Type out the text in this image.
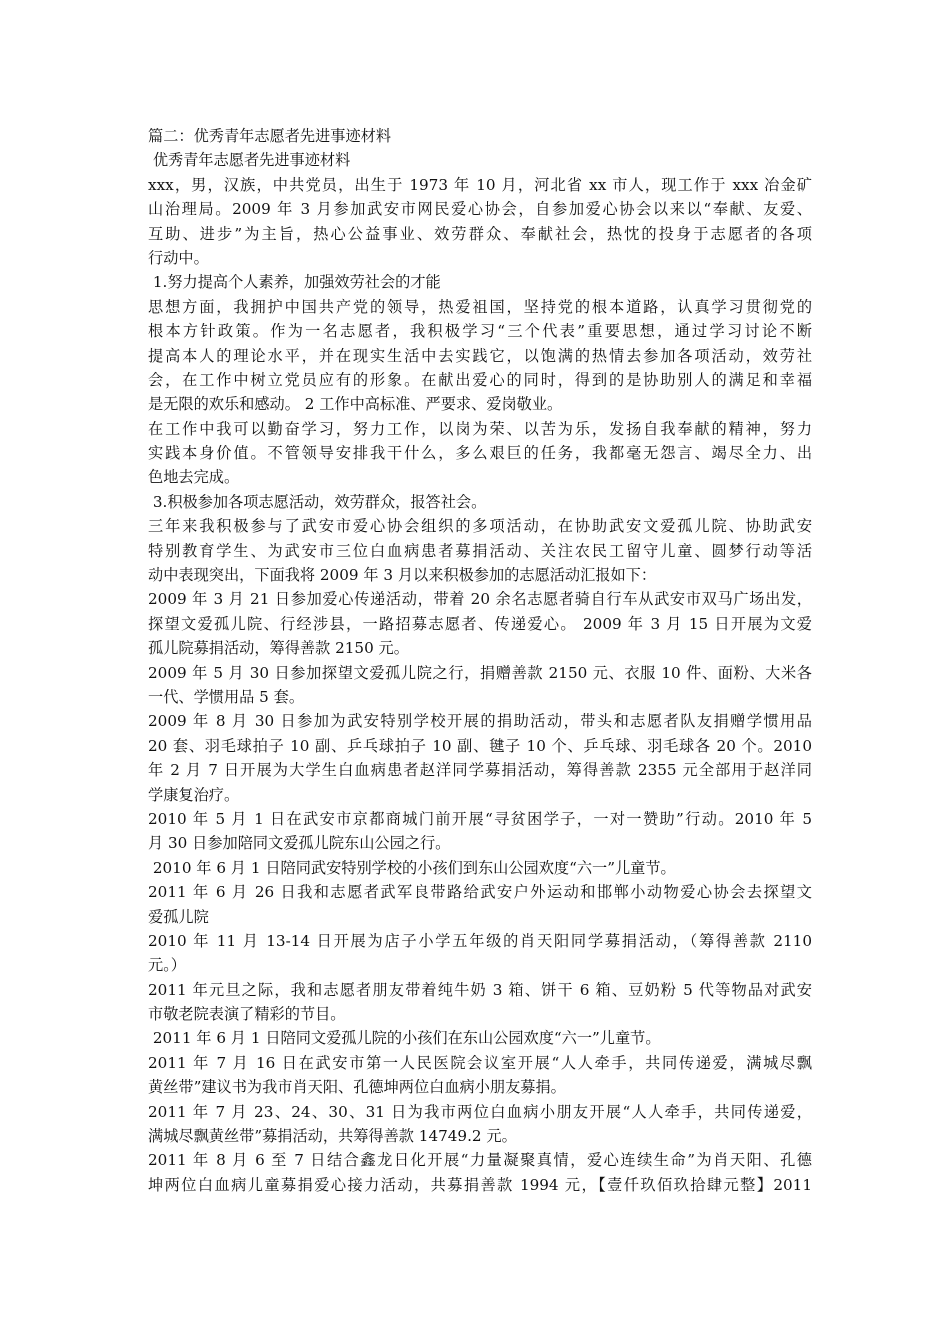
篇二：优秀青年志愿者先进事迹材料
优秀青年志愿者先进事迹材料
xxx，男，汉族，中共党员，出生于 1973 年 10 月，河北省 xx 市人，现工作于 xxx 冶金矿
山治理局。2009 年 3 月参加武安市网民爱心协会，自参加爱心协会以来以“奉献、友爱、
互助、进步”为主旨，热心公益事业、效劳群众、奉献社会，热忱的投身于志愿者的各项
行动中。
1.努力提高个人素养，加强效劳社会的才能
思想方面，我拥护中国共产党的领导，热爱祖国，坚持党的根本道路，认真学习贯彻党的
根本方针政策。作为一名志愿者，我积极学习“三个代表”重要思想，通过学习讨论不断
提高本人的理论水平，并在现实生活中去实践它，以饱满的热情去参加各项活动，效劳社
会，在工作中树立党员应有的形象。在献出爱心的同时，得到的是协助别人的满足和幸福
是无限的欢乐和感动。 2 工作中高标准、严要求、爱岗敬业。
在工作中我可以勤奋学习，努力工作，以岗为荣、以苦为乐，发扬自我奉献的精神，努力
实践本身价值。不管领导安排我干什么，多么艰巨的任务，我都毫无怨言、竭尽全力、出
色地去完成。
3.积极参加各项志愿活动，效劳群众，报答社会。
三年来我积极参与了武安市爱心协会组织的多项活动，在协助武安文爱孤儿院、协助武安
特别教育学生、为武安市三位白血病患者募捐活动、关注农民工留守儿童、圆梦行动等活
动中表现突出，下面我将 2009 年 3 月以来积极参加的志愿活动汇报如下：
2009 年 3 月 21 日参加爱心传递活动，带着 20 余名志愿者骑自行车从武安市双马广场出发，
探望文爱孤儿院、行经涉县，一路招募志愿者、传递爱心。 2009 年 3 月 15 日开展为文爱
孤儿院募捐活动，筹得善款 2150 元。
2009 年 5 月 30 日参加探望文爱孤儿院之行，捐赠善款 2150 元、衣服 10 件、面粉、大米各
一代、学惯用品 5 套。
2009 年 8 月 30 日参加为武安特别学校开展的捐助活动，带头和志愿者队友捐赠学惯用品
20 套、羽毛球拍子 10 副、乒乓球拍子 10 副、毽子 10 个、乒乓球、羽毛球各 20 个。2010
年 2 月 7 日开展为大学生白血病患者赵洋同学募捐活动，筹得善款 2355 元全部用于赵洋同
学康复治疗。
2010 年 5 月 1 日在武安市京都商城门前开展“寻贫困学子，一对一赞助”行动。2010 年 5
月 30 日参加陪同文爱孤儿院东山公园之行。
2010 年 6 月 1 日陪同武安特别学校的小孩们到东山公园欢度“六一”儿童节。
2011 年 6 月 26 日我和志愿者武军良带路给武安户外运动和邯郸小动物爱心协会去探望文
爱孤儿院
2010 年 11 月 13-14 日开展为店子小学五年级的肖天阳同学募捐活动，（筹得善款 2110
元。）
2011 年元旦之际，我和志愿者朋友带着纯牛奶 3 箱、饼干 6 箱、豆奶粉 5 代等物品对武安
市敬老院表演了精彩的节目。
2011 年 6 月 1 日陪同文爱孤儿院的小孩们在东山公园欢度“六一”儿童节。
2011 年 7 月 16 日在武安市第一人民医院会议室开展“人人牵手，共同传递爱，满城尽飘
黄丝带”建议书为我市肖天阳、孔德坤两位白血病小朋友募捐。
2011 年 7 月 23、24、30、31 日为我市两位白血病小朋友开展“人人牵手，共同传递爱，
满城尽飘黄丝带”募捐活动，共筹得善款 14749.2 元。
2011 年 8 月 6 至 7 日结合鑫龙日化开展“力量凝聚真情，爱心连续生命”为肖天阳、孔德
坤两位白血病儿童募捐爱心接力活动，共募捐善款 1994 元，【壹仟玖佰玖拾肆元整】2011
